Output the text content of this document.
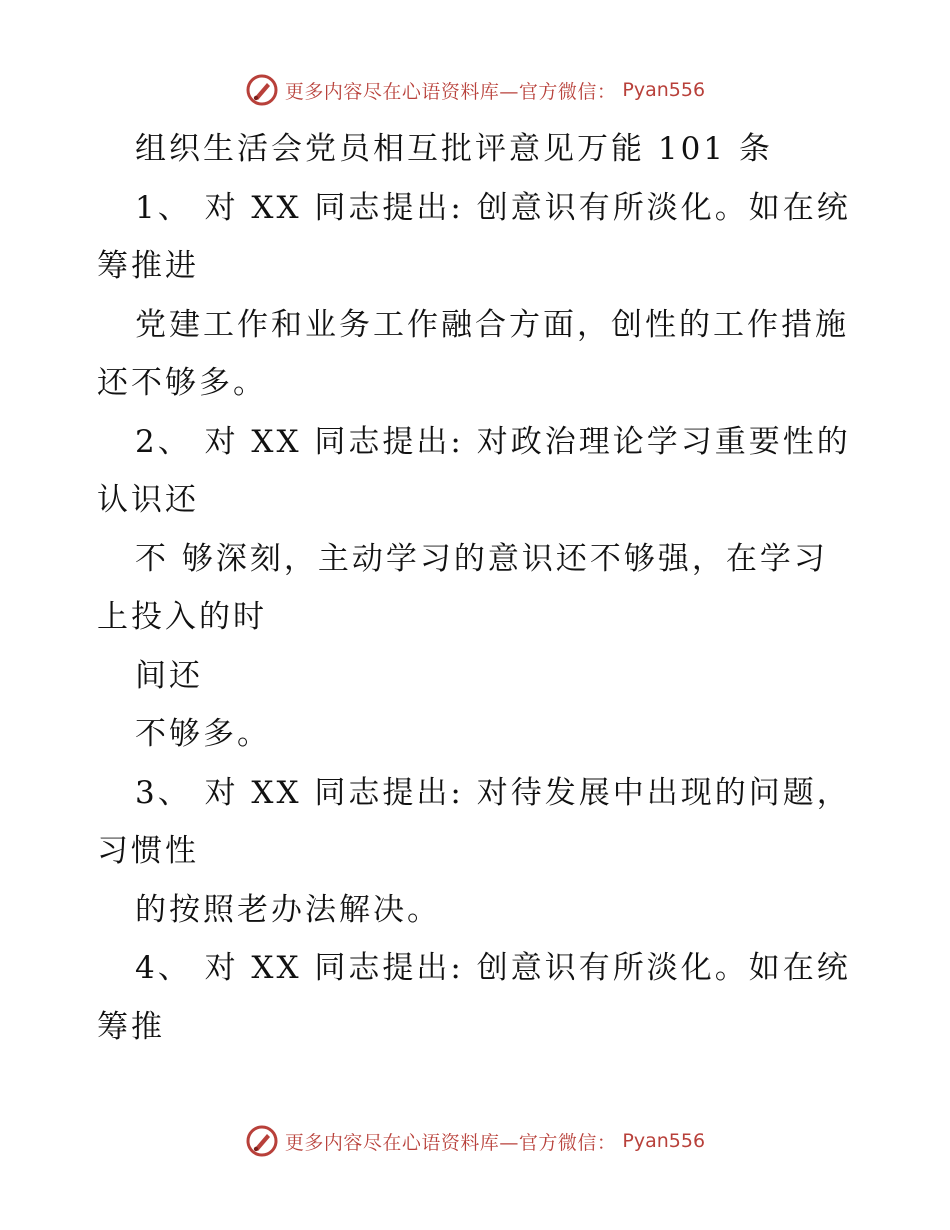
更多内容尽在心语资料库—官方微信： Pyan556
组织生活会党员相互批评意见万能 101 条
1、 对 XX 同志提出: 创意识有所淡化。如在统
筹推进
党建工作和业务工作融合方面，创性的工作措施
还不够多。
2、 对 XX 同志提出: 对政治理论学习重要性的
认识还
不 够深刻，主动学习的意识还不够强，在学习
上投入的时
间还
不够多。
3、 对 XX 同志提出: 对待发展中出现的问题，
习惯性
的按照老办法解决。
4、 对 XX 同志提出: 创意识有所淡化。如在统
筹推
更多内容尽在心语资料库—官方微信： Pyan556
